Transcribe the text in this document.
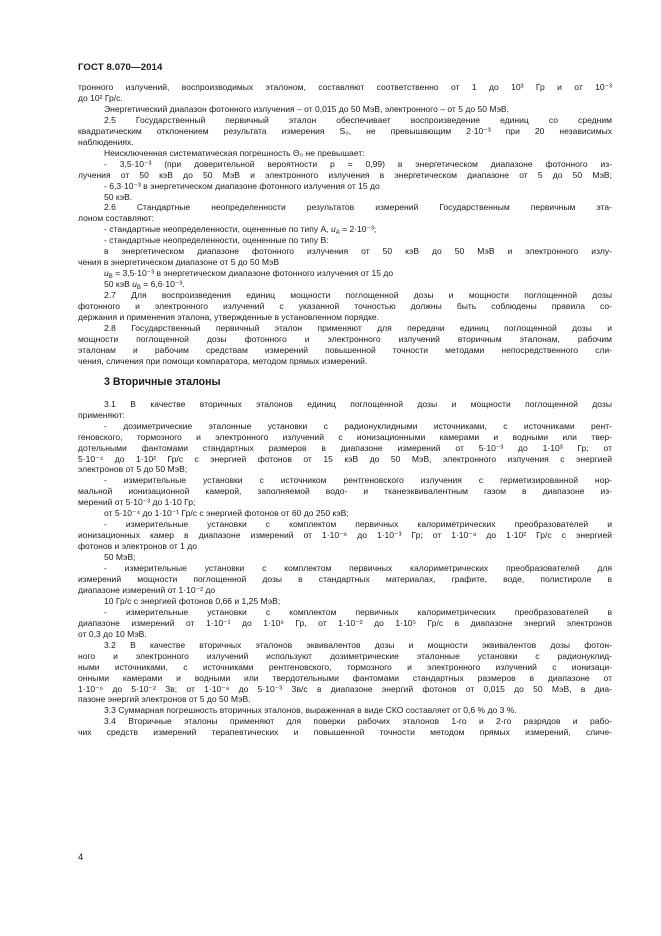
ГОСТ 8.070—2014

тронного излучений, воспроизводимых эталоном, составляют соответственно от 1 до 10³ Гр и от 10⁻³

до 10² Гр/с.

Энергетический диапазон фотонного излучения – от 0,015 до 50 МэВ, электронного – от 5 до 50 МэВ.

2.5 Государственный первичный эталон обеспечивает воспроизведение единиц со средним

квадратическим отклонением результата измерения S₀, не превышающим 2·10⁻³ при 20 независимых

наблюдениях.

Неисключенная систематическая погрешность Θ₀ не превышает:

- 3,5·10⁻³ (при доверительной вероятности р = 0,99) в энергетическом диапазоне фотонного из-

лучения от 50 кэВ до 50 МэВ и электронного излучения в энергетическом диапазоне от 5 до 50 МэВ;

- 6,3·10⁻³ в энергетическом диапазоне фотонного излучения от 15 до

50 кэВ.

2.6 Стандартные неопределенности результатов измерений Государственным первичным эта-

лоном составляют:

- стандартные неопределенности, оцененные по типу А, $u_A = 2\cdot 10^{-3}$;

- стандартные неопределенности, оцененные по типу В:

в энергетическом диапазоне фотонного излучения от 50 кэВ до 50 МэВ и электронного излу-

чения в энергетическом диапазоне от 5 до 50 МэВ

$u_B = 3,5\cdot 10^{-3}$ в энергетическом диапазоне фотонного излучения от 15 до

50 кэВ $u_B = 6,6\cdot 10^{-3}$.

2.7 Для воспроизведения единиц мощности поглощенной дозы и мощности поглощенной дозы

фотонного и электронного излучений с указанной точностью должны быть соблюдены правила со-

держания и применения эталона, утвержденные в установленном порядке.

2.8 Государственный первичный эталон применяют для передачи единиц поглощенной дозы и

мощности поглощенной дозы фотонного и электронного излучений вторичным эталонам, рабочим

эталонам и рабочим средствам измерений повышенной точности методами непосредственного сли-

чения, сличения при помощи компаратора, методом прямых измерений.

3 Вторичные эталоны

3.1 В качестве вторичных эталонов единиц поглощенной дозы и мощности поглощенной дозы

применяют:

- дозиметрические эталонные установки с радионуклидными источниками, с источниками рент-

геновского, тормозного и электронного излучений с ионизационными камерами и водными или твер-

дотельными фантомами стандартных размеров в диапазоне измерений от 5·10⁻³ до 1·10³ Гр; от

5·10⁻⁴ до 1·10² Гр/с с энергией фотонов от 15 кэВ до 50 МэВ, электронного излучения с энергией

электронов от 5 до 50 МэВ;

- измерительные установки с источником рентгеновского излучения с герметизированной нор-

мальной ионизационной камерой, заполняемой водо- и тканеэквивалентным газом в диапазоне из-

мерений от 5·10⁻³ до 1·10 Гр;

от 5·10⁻⁴ до 1·10⁻¹ Гр/с с энергией фотонов от 60 до 250 кэВ;

- измерительные установки с комплектом первичных калориметрических преобразователей и

ионизационных камер в диапазоне измерений от 1·10⁻⁶ до 1·10⁻³ Гр; от 1·10⁻⁸ до 1·10² Гр/с с энергией

фотонов и электронов от 1 до

50 МэВ;

- измерительные установки с комплектом первичных калориметрических преобразователей для

измерений мощности поглощенной дозы в стандартных материалах, графите, воде, полистироле в

диапазоне измерений от 1·10⁻² до

10 Гр/с с энергией фотонов 0,66 и 1,25 МэВ;

- измерительные установки с комплектом первичных калориметрических преобразователей в

диапазоне измерений от 1·10⁻¹ до 1·10⁶ Гр, от 1·10⁻² до 1·10⁵ Гр/с в диапазоне энергий электронов

от 0,3 до 10 МэВ.

3.2 В качестве вторичных эталонов эквивалентов дозы и мощности эквивалентов дозы фотон-

ного и электронного излучений используют дозиметрические эталонные установки с радионуклид-

ными источниками, с источниками рентгеновского, тормозного и электронного излучений с ионизаци-

онными камерами и водными или твердотельными фантомами стандартных размеров в диапазоне от

1·10⁻⁶ до 5·10⁻² Зв; от 1·10⁻⁸ до 5·10⁻³ Зв/с в диапазоне энергий фотонов от 0,015 до 50 МэВ, в диа-

пазоне энергий электронов от 5 до 50 МэВ.

3.3 Суммарная погрешность вторичных эталонов, выраженная в виде СКО составляет от 0,6 % до 3 %.

3.4 Вторичные эталоны применяют для поверки рабочих эталонов 1-го и 2-го разрядов и рабо-

чих средств измерений терапевтических и повышенной точности методом прямых измерений, сличе-

4
